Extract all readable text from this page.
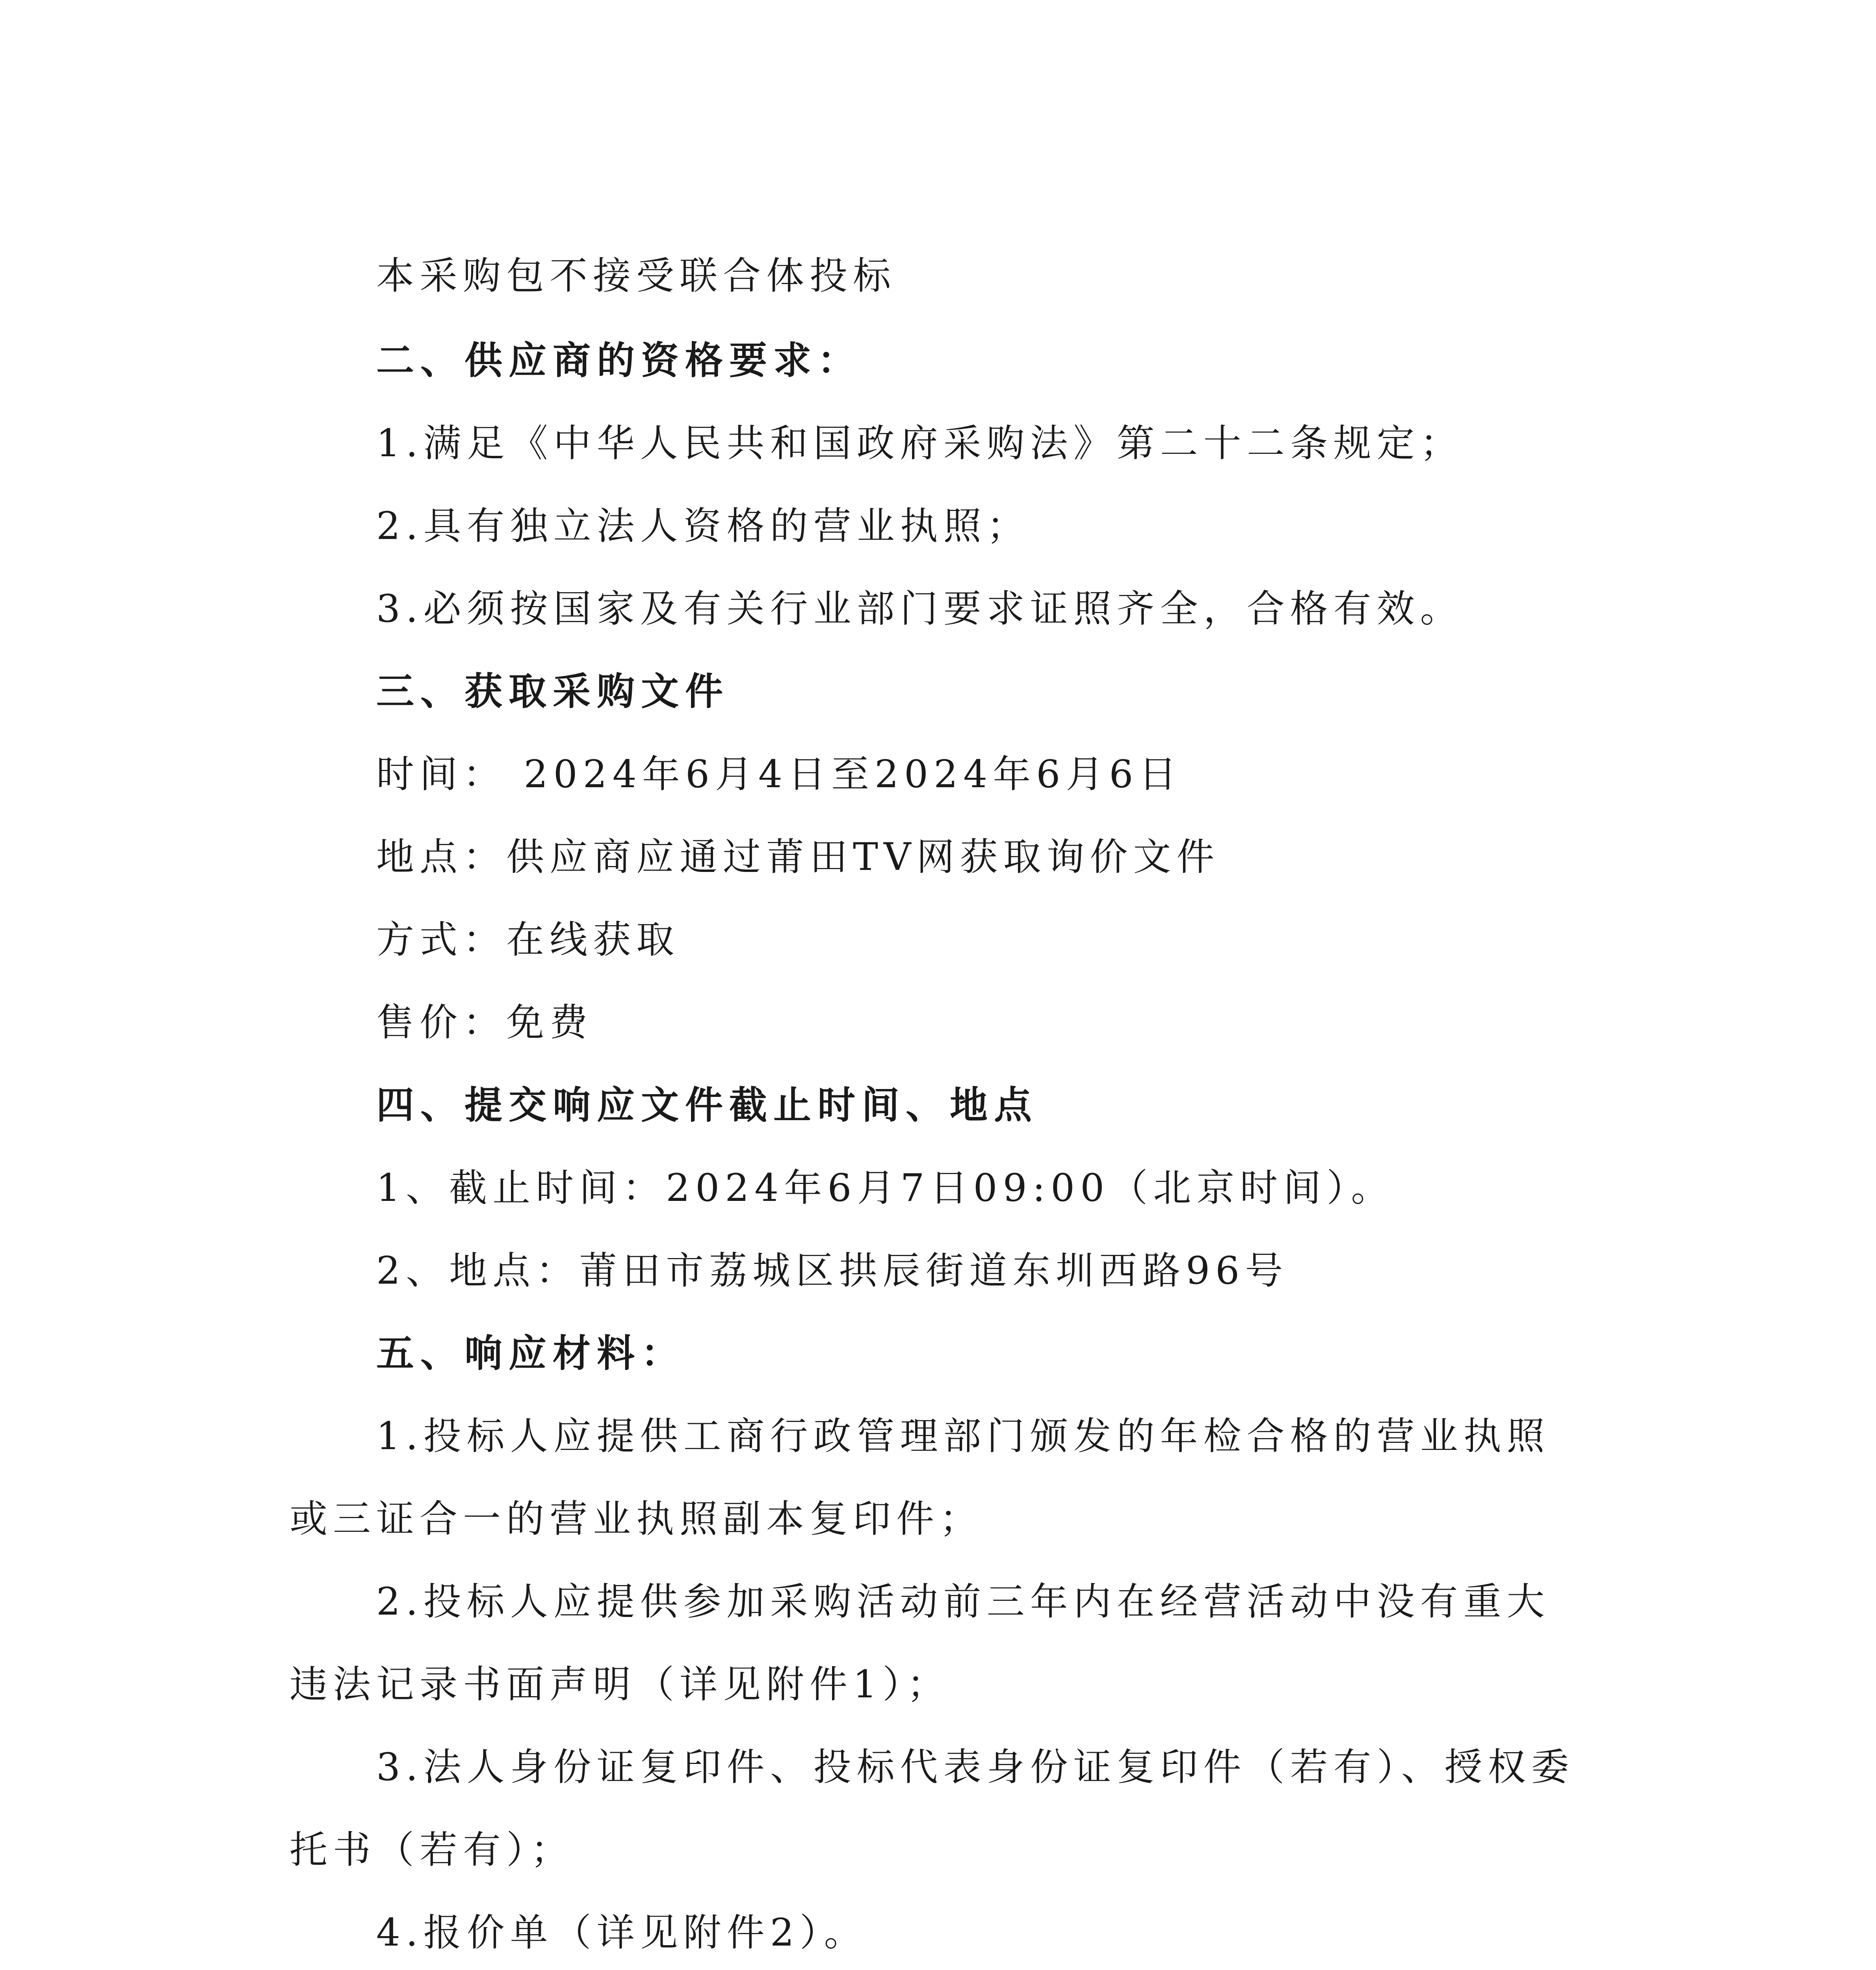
本采购包不接受联合体投标
二、供应商的资格要求：
1.满足《中华人民共和国政府采购法》第二十二条规定；
2.具有独立法人资格的营业执照；
3.必须按国家及有关行业部门要求证照齐全，合格有效。
三、获取采购文件
时间： 2024年6月4日至2024年6月6日
地点：供应商应通过莆田TV网获取询价文件
方式：在线获取
售价：免费
四、提交响应文件截止时间、地点
1、截止时间：2024年6月7日09:00（北京时间）。
2、地点：莆田市荔城区拱辰街道东圳西路96号
五、响应材料：
1.投标人应提供工商行政管理部门颁发的年检合格的营业执照
或三证合一的营业执照副本复印件；
2.投标人应提供参加采购活动前三年内在经营活动中没有重大
违法记录书面声明（详见附件1）；
3.法人身份证复印件、投标代表身份证复印件（若有）、授权委
托书（若有）；
4.报价单（详见附件2）。
